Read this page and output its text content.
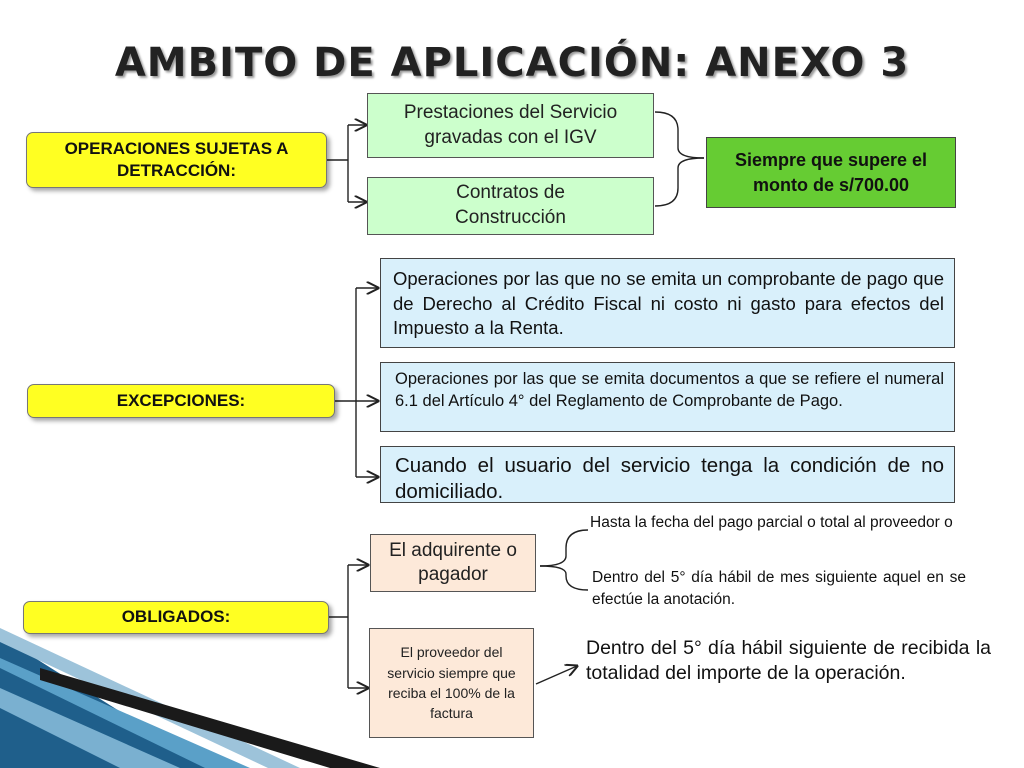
AMBITO DE APLICACIÓN: ANEXO 3
OPERACIONES SUJETAS A DETRACCIÓN:
Prestaciones del Servicio gravadas con el IGV
Contratos de Construcción
Siempre que supere el monto de s/700.00
EXCEPCIONES:
Operaciones por las que no se emita un comprobante de pago que de Derecho al Crédito Fiscal ni costo ni gasto para efectos del Impuesto a la Renta.
Operaciones por las que se emita documentos a que se refiere el numeral 6.1 del Artículo 4° del Reglamento de Comprobante de Pago.
Cuando el usuario del servicio tenga la condición de no domiciliado.
OBLIGADOS:
El adquirente o pagador
Hasta la fecha del pago parcial o total al proveedor o
Dentro del 5° día hábil de mes siguiente aquel en se efectúe la anotación.
El proveedor del servicio siempre que reciba el 100% de la factura
Dentro del 5° día hábil siguiente de recibida la totalidad del importe de la operación.
